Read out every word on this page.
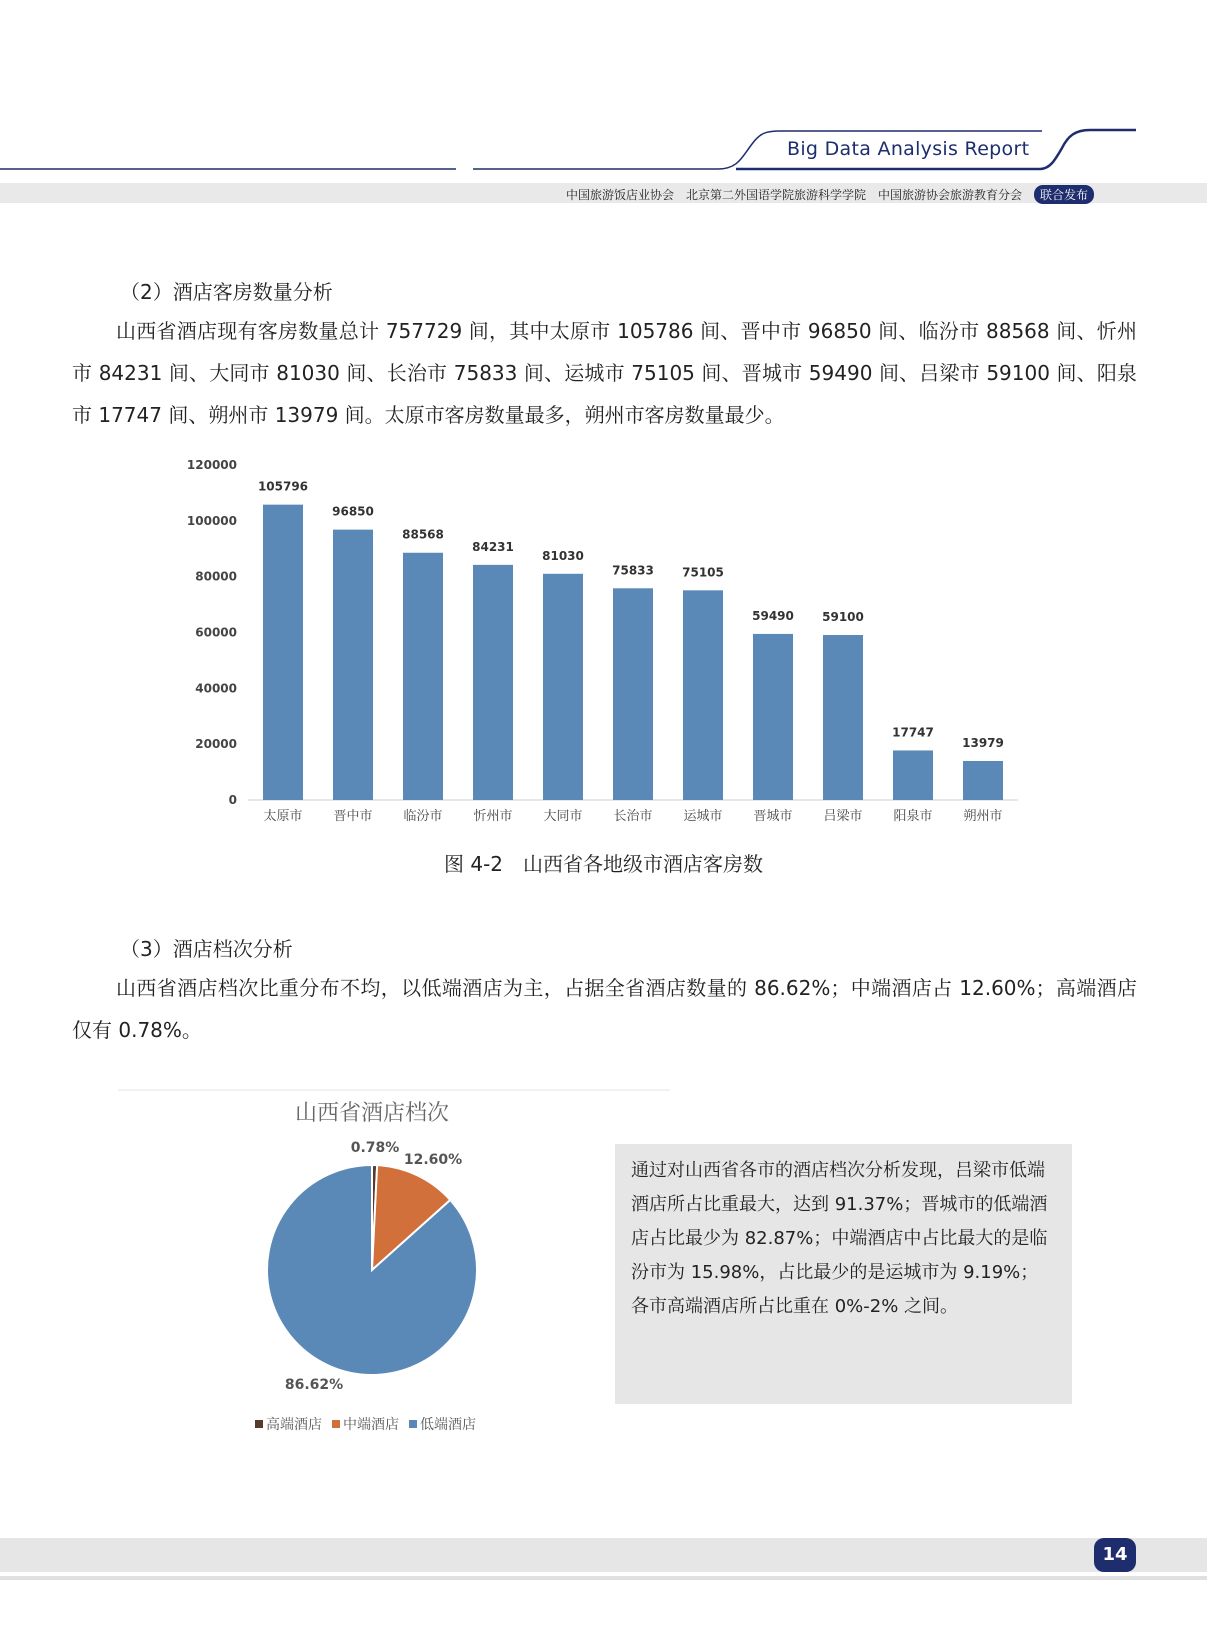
Big Data Analysis Report
中国旅游饭店业协会 北京第二外国语学院旅游科学学院 中国旅游协会旅游教育分会	联合发布
（2）酒店客房数量分析

山西省酒店现有客房数量总计 757729 间，其中太原市 105786 间、晋中市 96850 间、临汾市 88568 间、忻州市 84231 间、大同市 81030 间、长治市 75833 间、运城市 75105 间、晋城市 59490 间、吕梁市 59100 间、阳泉市 17747 间、朔州市 13979 间。太原市客房数量最多，朔州市客房数量最少。

0
20000
40000
60000
80000
100000
120000
105796
太原市
96850
晋中市
88568
临汾市
84231
忻州市
81030
大同市
75833
长治市
75105
运城市
59490
晋城市
59100
吕梁市
17747
阳泉市
13979
朔州市
图 4-2　山西省各地级市酒店客房数
（3）酒店档次分析

山西省酒店档次比重分布不均，以低端酒店为主，占据全省酒店数量的 86.62%；中端酒店占 12.60%；高端酒店仅有 0.78%。

山西省酒店档次
0.78%
12.60%
86.62%
高端酒店 中端酒店 低端酒店

通过对山西省各市的酒店档次分析发现，吕梁市低端酒店所占比重最大，达到 91.37%；晋城市的低端酒店占比最少为 82.87%；中端酒店中占比最大的是临汾市为 15.98%，占比最少的是运城市为 9.19%；各市高端酒店所占比重在 0%-2% 之间。

14
